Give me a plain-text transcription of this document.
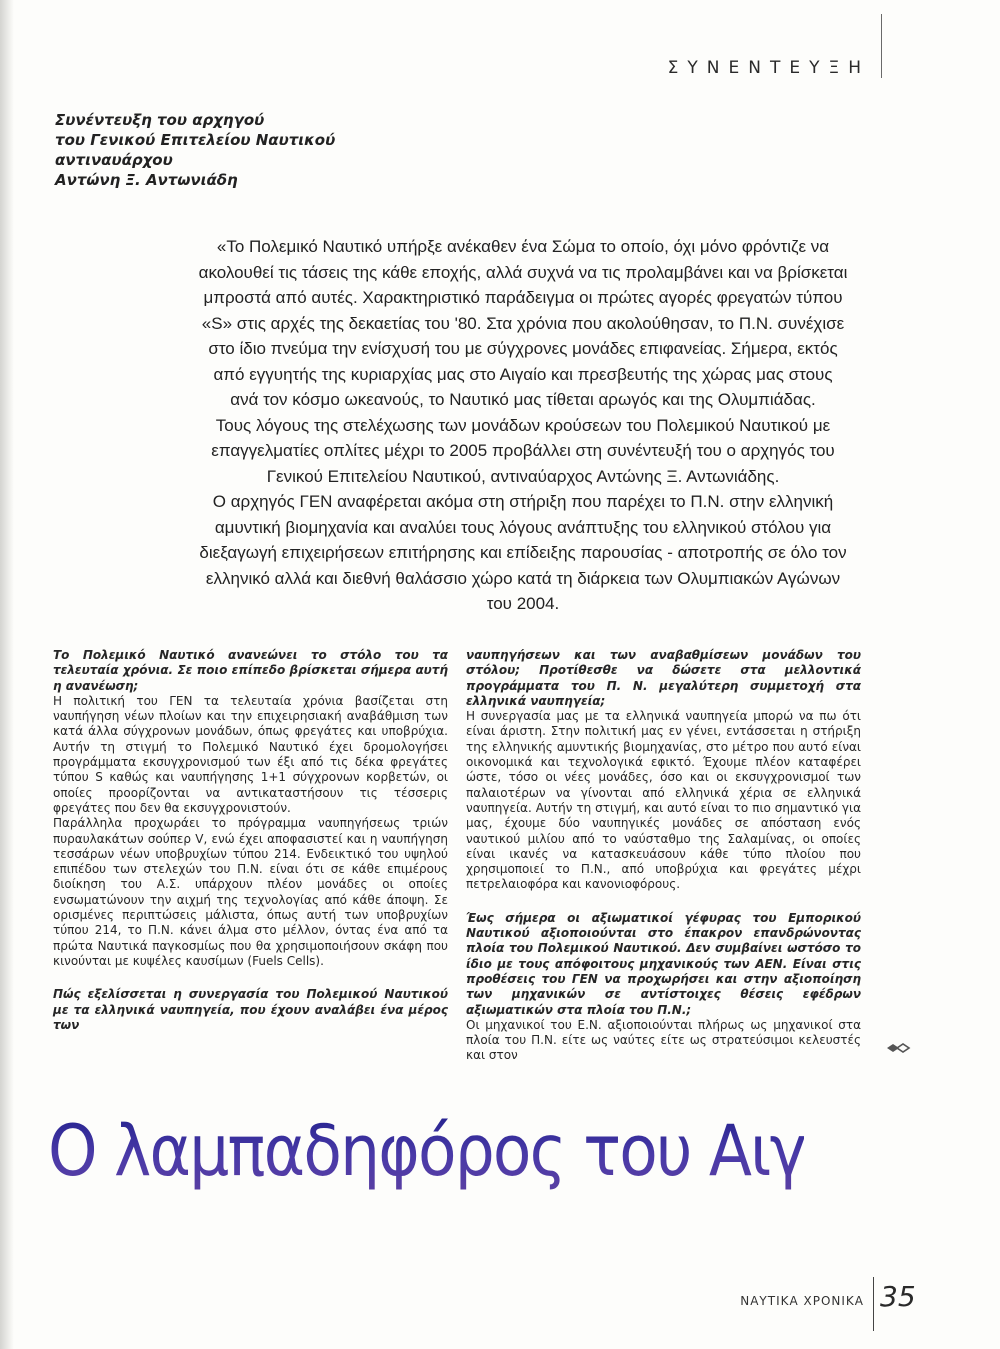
ΣΥΝΕΝΤΕΥΞΗ
Συνέντευξη του αρχηγού
του Γενικού Επιτελείου Ναυτικού
αντιναυάρχου
Αντώνη Ξ. Αντωνιάδη

«Το Πολεμικό Ναυτικό υπήρξε ανέκαθεν ένα Σώμα το οποίο, όχι μόνο φρόντιζε να ακολουθεί τις τάσεις της κάθε εποχής, αλλά συχνά να τις προλαμβάνει και να βρίσκεται μπροστά από αυτές. Χαρακτηριστικό παράδειγμα οι πρώτες αγορές φρεγατών τύπου «S» στις αρχές της δεκαετίας του '80. Στα χρόνια που ακολούθησαν, το Π.Ν. συνέχισε στο ίδιο πνεύμα την ενίσχυσή του με σύγχρονες μονάδες επιφανείας. Σήμερα, εκτός από εγγυητής της κυριαρχίας μας στο Αιγαίο και πρεσβευτής της χώρας μας στους ανά τον κόσμο ωκεανούς, το Ναυτικό μας τίθεται αρωγός και της Ολυμπιάδας.

Τους λόγους της στελέχωσης των μονάδων κρούσεων του Πολεμικού Ναυτικού με επαγγελματίες οπλίτες μέχρι το 2005 προβάλλει στη συνέντευξή του ο αρχηγός του Γενικού Επιτελείου Ναυτικού, αντιναύαρχος Αντώνης Ξ. Αντωνιάδης.

Ο αρχηγός ΓΕΝ αναφέρεται ακόμα στη στήριξη που παρέχει το Π.Ν. στην ελληνική αμυντική βιομηχανία και αναλύει τους λόγους ανάπτυξης του ελληνικού στόλου για διεξαγωγή επιχειρήσεων επιτήρησης και επίδειξης παρουσίας - αποτροπής σε όλο τον ελληνικό αλλά και διεθνή θαλάσσιο χώρο κατά τη διάρκεια των Ολυμπιακών Αγώνων του 2004.

Το Πολεμικό Ναυτικό ανανεώνει το στόλο του τα τελευταία χρόνια. Σε ποιο επίπεδο βρίσκεται σήμερα αυτή η ανανέωση;

Η πολιτική του ΓΕΝ τα τελευταία χρόνια βασίζεται στη ναυπήγηση νέων πλοίων και την επιχειρησιακή αναβάθμιση των κατά άλλα σύγχρονων μονάδων, όπως φρεγάτες και υποβρύχια. Αυτήν τη στιγμή το Πολεμικό Ναυτικό έχει δρομολογήσει προγράμματα εκσυγχρονισμού των έξι από τις δέκα φρεγάτες τύπου S καθώς και ναυπήγησης 1+1 σύγχρονων κορβετών, οι οποίες προορίζονται να αντικαταστήσουν τις τέσσερις φρεγάτες που δεν θα εκσυγχρονιστούν.

Παράλληλα προχωράει το πρόγραμμα ναυπηγήσεως τριών πυραυλακάτων σούπερ V, ενώ έχει αποφασιστεί και η ναυπήγηση τεσσάρων νέων υποβρυχίων τύπου 214. Ενδεικτικό του υψηλού επιπέδου των στελεχών του Π.Ν. είναι ότι σε κάθε επιμέρους διοίκηση του Α.Σ. υπάρχουν πλέον μονάδες οι οποίες ενσωματώνουν την αιχμή της τεχνολογίας από κάθε άποψη. Σε ορισμένες περιπτώσεις μάλιστα, όπως αυτή των υποβρυχίων τύπου 214, το Π.Ν. κάνει άλμα στο μέλλον, όντας ένα από τα πρώτα Ναυτικά παγκοσμίως που θα χρησιμοποιήσουν σκάφη που κινούνται με κυψέλες καυσίμων (Fuels Cells).

Πώς εξελίσσεται η συνεργασία του Πολεμικού Ναυτικού με τα ελληνικά ναυπηγεία, που έχουν αναλάβει ένα μέρος των

ναυπηγήσεων και των αναβαθμίσεων μονάδων του στόλου; Προτίθεσθε να δώσετε στα μελλοντικά προγράμματα του Π. Ν. μεγαλύτερη συμμετοχή στα ελληνικά ναυπηγεία;

Η συνεργασία μας με τα ελληνικά ναυπηγεία μπορώ να πω ότι είναι άριστη. Στην πολιτική μας εν γένει, εντάσσεται η στήριξη της ελληνικής αμυντικής βιομηχανίας, στο μέτρο που αυτό είναι οικονομικά και τεχνολογικά εφικτό. Έχουμε πλέον καταφέρει ώστε, τόσο οι νέες μονάδες, όσο και οι εκσυγχρονισμοί των παλαιοτέρων να γίνονται από ελληνικά χέρια σε ελληνικά ναυπηγεία. Αυτήν τη στιγμή, και αυτό είναι το πιο σημαντικό για μας, έχουμε δύο ναυπηγικές μονάδες σε απόσταση ενός ναυτικού μιλίου από το ναύσταθμο της Σαλαμίνας, οι οποίες είναι ικανές να κατασκευάσουν κάθε τύπο πλοίου που χρησιμοποιεί το Π.Ν., από υποβρύχια και φρεγάτες μέχρι πετρελαιοφόρα και κανονιοφόρους.

Έως σήμερα οι αξιωματικοί γέφυρας του Εμπορικού Ναυτικού αξιοποιούνται στο έπακρον επανδρώνοντας πλοία του Πολεμικού Ναυτικού. Δεν συμβαίνει ωστόσο το ίδιο με τους απόφοιτους μηχανικούς των ΑΕΝ. Είναι στις προθέσεις του ΓΕΝ να προχωρήσει και στην αξιοποίηση των μηχανικών σε αντίστοιχες θέσεις εφέδρων αξιωματικών στα πλοία του Π.Ν.;

Οι μηχανικοί του Ε.Ν. αξιοποιούνται πλήρως ως μηχανικοί στα πλοία του Π.Ν. είτε ως ναύτες είτε ως στρατεύσιμοι κελευστές και στον

Ο λαμπαδηφόρος του Αιγαίου
ΝΑΥΤΙΚΑ ΧΡΟΝΙΚΑ 35
